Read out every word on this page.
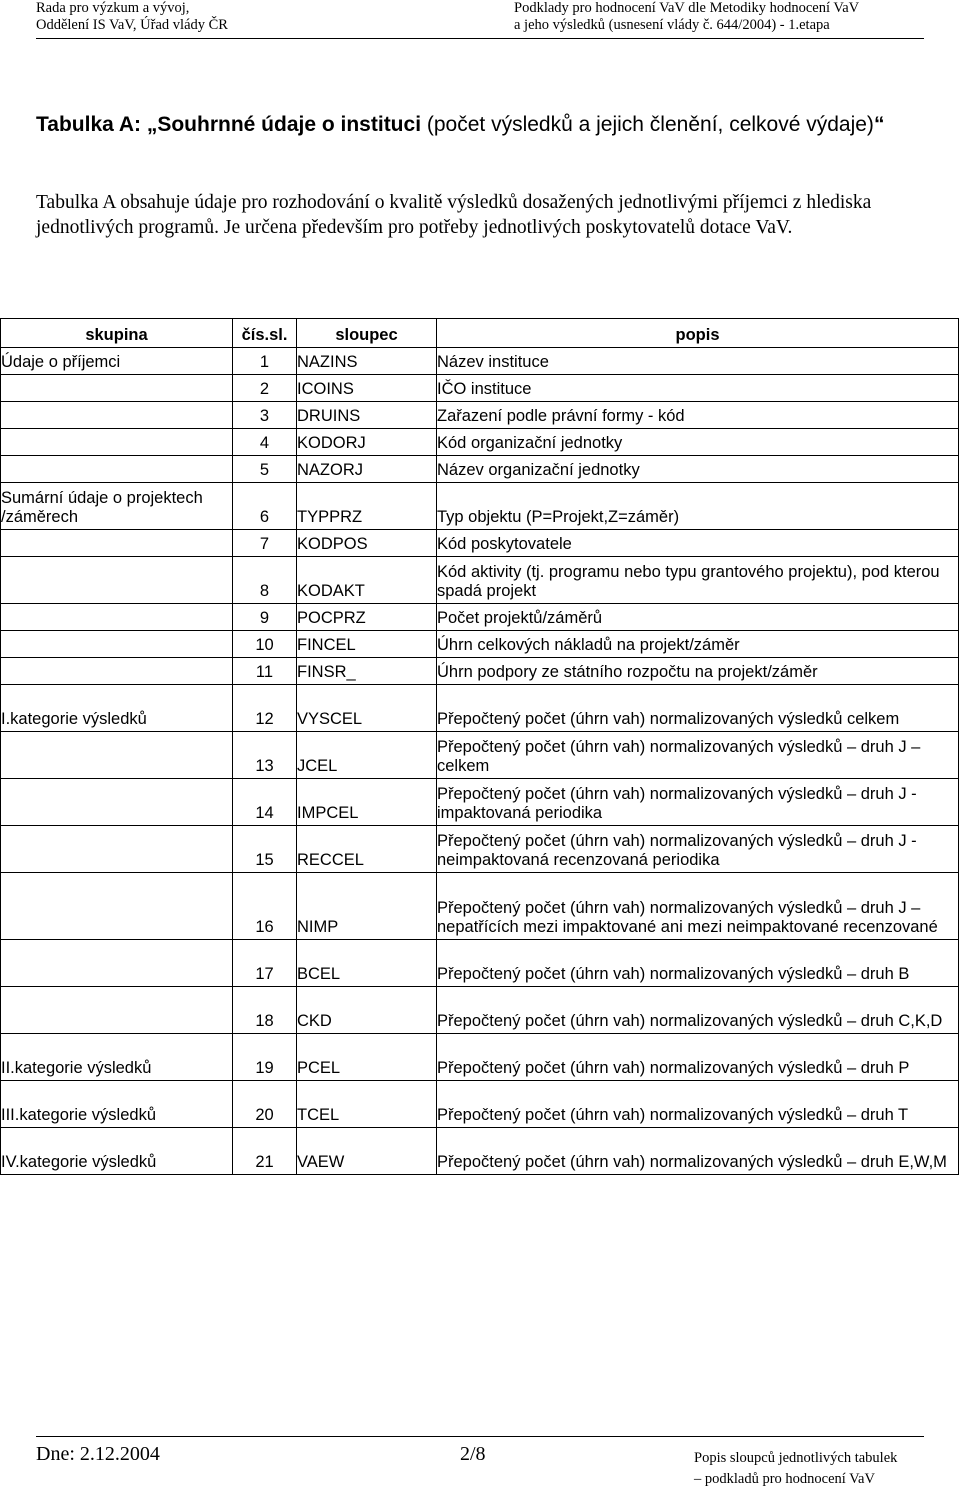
Rada pro výzkum a vývoj,
Oddělení IS VaV, Úřad vlády ČR
Podklady pro hodnocení VaV dle Metodiky hodnocení VaV
a jeho výsledků (usnesení vlády č. 644/2004) - 1.etapa
Tabulka A: „Souhrnné údaje o instituci (počet výsledků a jejich členění, celkové výdaje)“
Tabulka A obsahuje údaje pro rozhodování o kvalitě výsledků dosažených jednotlivými příjemci z hlediska jednotlivých programů. Je určena především pro potřeby jednotlivých poskytovatelů dotace VaV.
skupina	čís.sl.	sloupec	popis
Údaje o příjemci	1	NAZINS	Název instituce
	2	ICOINS	IČO instituce
	3	DRUINS	Zařazení podle právní formy - kód
	4	KODORJ	Kód organizační jednotky
	5	NAZORJ	Název organizační jednotky
Sumární údaje o projektech /záměrech	6	TYPPRZ	Typ objektu (P=Projekt,Z=záměr)
	7	KODPOS	Kód poskytovatele
	8	KODAKT	Kód aktivity (tj. programu nebo typu grantového projektu), pod kterou spadá projekt
	9	POCPRZ	Počet projektů/záměrů
	10	FINCEL	Úhrn celkových nákladů na projekt/záměr
	11	FINSR_	Úhrn podpory ze státního rozpočtu na projekt/záměr
I.kategorie výsledků	12	VYSCEL	Přepočtený počet (úhrn vah) normalizovaných výsledků celkem
	13	JCEL	Přepočtený počet (úhrn vah) normalizovaných výsledků – druh J – celkem
	14	IMPCEL	Přepočtený počet (úhrn vah) normalizovaných výsledků – druh J - impaktovaná periodika
	15	RECCEL	Přepočtený počet (úhrn vah) normalizovaných výsledků – druh J - neimpaktovaná recenzovaná periodika
	16	NIMP	Přepočtený počet (úhrn vah) normalizovaných výsledků – druh J – nepatřících mezi impaktované ani mezi neimpaktované recenzované
	17	BCEL	Přepočtený počet (úhrn vah) normalizovaných výsledků – druh B
	18	CKD	Přepočtený počet (úhrn vah) normalizovaných výsledků – druh C,K,D
II.kategorie výsledků	19	PCEL	Přepočtený počet (úhrn vah) normalizovaných výsledků – druh P
III.kategorie výsledků	20	TCEL	Přepočtený počet (úhrn vah) normalizovaných výsledků – druh T
IV.kategorie výsledků	21	VAEW	Přepočtený počet (úhrn vah) normalizovaných výsledků – druh E,W,M
Dne: 2.12.2004	2/8	Popis sloupců jednotlivých tabulek
– podkladů pro hodnocení VaV
